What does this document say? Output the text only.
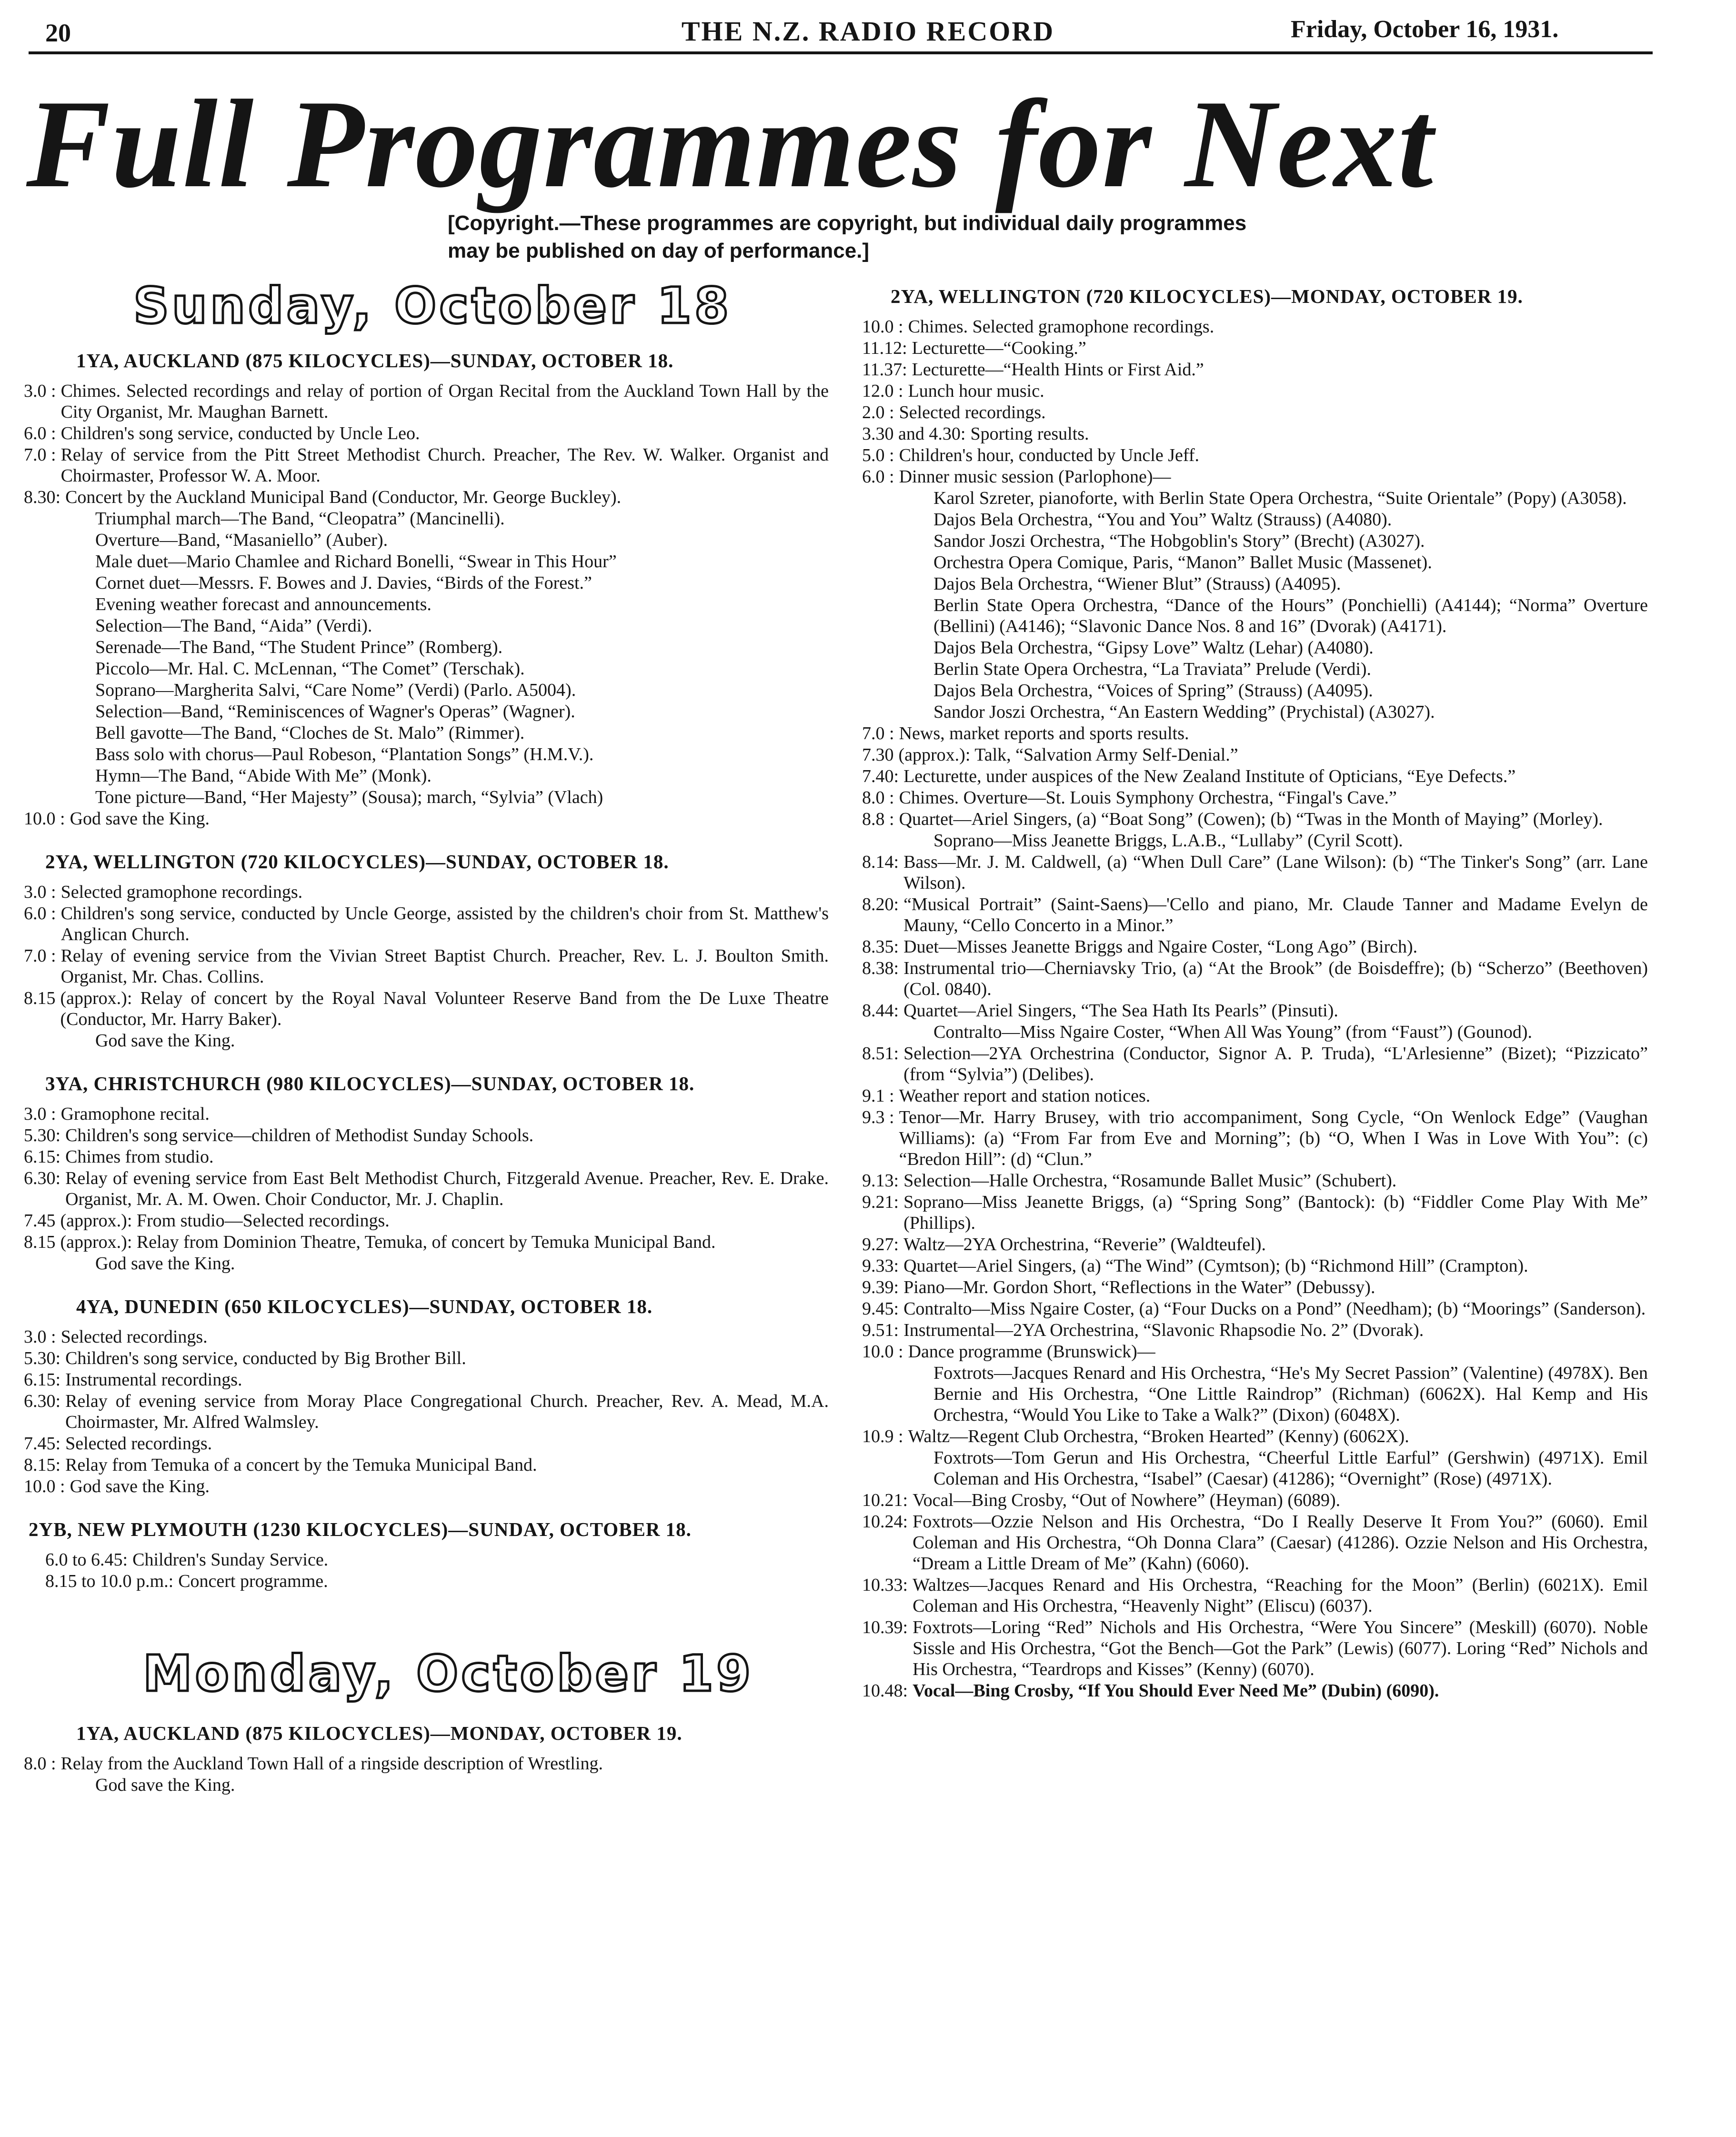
20	THE N.Z. RADIO RECORD	Friday, October 16, 1931.
Full Programmes for Next
[Copyright.—These programmes are copyright, but individual daily programmes may be published on day of performance.]
Sunday, October 18
1YA, AUCKLAND (875 KILOCYCLES)—SUNDAY, OCTOBER 18.
3.0 : Chimes. Selected recordings and relay of portion of Organ Recital from the Auckland Town Hall by the City Organist, Mr. Maughan Barnett.
6.0 : Children's song service, conducted by Uncle Leo.
7.0 : Relay of service from the Pitt Street Methodist Church. Preacher, The Rev. W. Walker. Organist and Choirmaster, Professor W. A. Moor.
8.30: Concert by the Auckland Municipal Band (Conductor, Mr. George Buckley).
Triumphal march—The Band, “Cleopatra” (Mancinelli).
Overture—Band, “Masaniello” (Auber).
Male duet—Mario Chamlee and Richard Bonelli, “Swear in This Hour”
Cornet duet—Messrs. F. Bowes and J. Davies, “Birds of the Forest.”
Evening weather forecast and announcements.
Selection—The Band, “Aida” (Verdi).
Serenade—The Band, “The Student Prince” (Romberg).
Piccolo—Mr. Hal. C. McLennan, “The Comet” (Terschak).
Soprano—Margherita Salvi, “Care Nome” (Verdi) (Parlo. A5004).
Selection—Band, “Reminiscences of Wagner's Operas” (Wagner).
Bell gavotte—The Band, “Cloches de St. Malo” (Rimmer).
Bass solo with chorus—Paul Robeson, “Plantation Songs” (H.M.V.).
Hymn—The Band, “Abide With Me” (Monk).
Tone picture—Band, “Her Majesty” (Sousa); march, “Sylvia” (Vlach)
10.0 : God save the King.
2YA, WELLINGTON (720 KILOCYCLES)—SUNDAY, OCTOBER 18.
3.0 : Selected gramophone recordings.
6.0 : Children's song service, conducted by Uncle George, assisted by the children's choir from St. Matthew's Anglican Church.
7.0 : Relay of evening service from the Vivian Street Baptist Church. Preacher, Rev. L. J. Boulton Smith. Organist, Mr. Chas. Collins.
8.15 (approx.): Relay of concert by the Royal Naval Volunteer Reserve Band from the De Luxe Theatre (Conductor, Mr. Harry Baker).
God save the King.
3YA, CHRISTCHURCH (980 KILOCYCLES)—SUNDAY, OCTOBER 18.
3.0 : Gramophone recital.
5.30: Children's song service—children of Methodist Sunday Schools.
6.15: Chimes from studio.
6.30: Relay of evening service from East Belt Methodist Church, Fitzgerald Avenue. Preacher, Rev. E. Drake. Organist, Mr. A. M. Owen. Choir Conductor, Mr. J. Chaplin.
7.45 (approx.): From studio—Selected recordings.
8.15 (approx.): Relay from Dominion Theatre, Temuka, of concert by Temuka Municipal Band.
God save the King.
4YA, DUNEDIN (650 KILOCYCLES)—SUNDAY, OCTOBER 18.
3.0 : Selected recordings.
5.30: Children's song service, conducted by Big Brother Bill.
6.15: Instrumental recordings.
6.30: Relay of evening service from Moray Place Congregational Church. Preacher, Rev. A. Mead, M.A. Choirmaster, Mr. Alfred Walmsley.
7.45: Selected recordings.
8.15: Relay from Temuka of a concert by the Temuka Municipal Band.
10.0 : God save the King.
2YB, NEW PLYMOUTH (1230 KILOCYCLES)—SUNDAY, OCTOBER 18.
6.0 to 6.45: Children's Sunday Service.
8.15 to 10.0 p.m.: Concert programme.
Monday, October 19
1YA, AUCKLAND (875 KILOCYCLES)—MONDAY, OCTOBER 19.
8.0 : Relay from the Auckland Town Hall of a ringside description of Wrestling.
God save the King.
2YA, WELLINGTON (720 KILOCYCLES)—MONDAY, OCTOBER 19.
10.0 : Chimes. Selected gramophone recordings.
11.12: Lecturette—“Cooking.”
11.37: Lecturette—“Health Hints or First Aid.”
12.0 : Lunch hour music.
2.0 : Selected recordings.
3.30 and 4.30: Sporting results.
5.0 : Children's hour, conducted by Uncle Jeff.
6.0 : Dinner music session (Parlophone)—
Karol Szreter, pianoforte, with Berlin State Opera Orchestra, “Suite Orientale” (Popy) (A3058).
Dajos Bela Orchestra, “You and You” Waltz (Strauss) (A4080).
Sandor Joszi Orchestra, “The Hobgoblin's Story” (Brecht) (A3027).
Orchestra Opera Comique, Paris, “Manon” Ballet Music (Massenet).
Dajos Bela Orchestra, “Wiener Blut” (Strauss) (A4095).
Berlin State Opera Orchestra, “Dance of the Hours” (Ponchielli) (A4144); “Norma” Overture (Bellini) (A4146); “Slavonic Dance Nos. 8 and 16” (Dvorak) (A4171).
Dajos Bela Orchestra, “Gipsy Love” Waltz (Lehar) (A4080).
Berlin State Opera Orchestra, “La Traviata” Prelude (Verdi).
Dajos Bela Orchestra, “Voices of Spring” (Strauss) (A4095).
Sandor Joszi Orchestra, “An Eastern Wedding” (Prychistal) (A3027).
7.0 : News, market reports and sports results.
7.30 (approx.): Talk, “Salvation Army Self-Denial.”
7.40: Lecturette, under auspices of the New Zealand Institute of Opticians, “Eye Defects.”
8.0 : Chimes. Overture—St. Louis Symphony Orchestra, “Fingal's Cave.”
8.8 : Quartet—Ariel Singers, (a) “Boat Song” (Cowen); (b) “Twas in the Month of Maying” (Morley).
Soprano—Miss Jeanette Briggs, L.A.B., “Lullaby” (Cyril Scott).
8.14: Bass—Mr. J. M. Caldwell, (a) “When Dull Care” (Lane Wilson): (b) “The Tinker's Song” (arr. Lane Wilson).
8.20: “Musical Portrait” (Saint-Saens)—'Cello and piano, Mr. Claude Tanner and Madame Evelyn de Mauny, “Cello Concerto in a Minor.”
8.35: Duet—Misses Jeanette Briggs and Ngaire Coster, “Long Ago” (Birch).
8.38: Instrumental trio—Cherniavsky Trio, (a) “At the Brook” (de Boisdeffre); (b) “Scherzo” (Beethoven) (Col. 0840).
8.44: Quartet—Ariel Singers, “The Sea Hath Its Pearls” (Pinsuti).
Contralto—Miss Ngaire Coster, “When All Was Young” (from “Faust”) (Gounod).
8.51: Selection—2YA Orchestrina (Conductor, Signor A. P. Truda), “L'Arlesienne” (Bizet); “Pizzicato” (from “Sylvia”) (Delibes).
9.1 : Weather report and station notices.
9.3 : Tenor—Mr. Harry Brusey, with trio accompaniment, Song Cycle, “On Wenlock Edge” (Vaughan Williams): (a) “From Far from Eve and Morning”; (b) “O, When I Was in Love With You”: (c) “Bredon Hill”: (d) “Clun.”
9.13: Selection—Halle Orchestra, “Rosamunde Ballet Music” (Schubert).
9.21: Soprano—Miss Jeanette Briggs, (a) “Spring Song” (Bantock): (b) “Fiddler Come Play With Me” (Phillips).
9.27: Waltz—2YA Orchestrina, “Reverie” (Waldteufel).
9.33: Quartet—Ariel Singers, (a) “The Wind” (Cymtson); (b) “Richmond Hill” (Crampton).
9.39: Piano—Mr. Gordon Short, “Reflections in the Water” (Debussy).
9.45: Contralto—Miss Ngaire Coster, (a) “Four Ducks on a Pond” (Needham); (b) “Moorings” (Sanderson).
9.51: Instrumental—2YA Orchestrina, “Slavonic Rhapsodie No. 2” (Dvorak).
10.0 : Dance programme (Brunswick)—
Foxtrots—Jacques Renard and His Orchestra, “He's My Secret Passion” (Valentine) (4978X). Ben Bernie and His Orchestra, “One Little Raindrop” (Richman) (6062X). Hal Kemp and His Orchestra, “Would You Like to Take a Walk?” (Dixon) (6048X).
10.9 : Waltz—Regent Club Orchestra, “Broken Hearted” (Kenny) (6062X).
Foxtrots—Tom Gerun and His Orchestra, “Cheerful Little Earful” (Gershwin) (4971X). Emil Coleman and His Orchestra, “Isabel” (Caesar) (41286); “Overnight” (Rose) (4971X).
10.21: Vocal—Bing Crosby, “Out of Nowhere” (Heyman) (6089).
10.24: Foxtrots—Ozzie Nelson and His Orchestra, “Do I Really Deserve It From You?” (6060). Emil Coleman and His Orchestra, “Oh Donna Clara” (Caesar) (41286). Ozzie Nelson and His Orchestra, “Dream a Little Dream of Me” (Kahn) (6060).
10.33: Waltzes—Jacques Renard and His Orchestra, “Reaching for the Moon” (Berlin) (6021X). Emil Coleman and His Orchestra, “Heavenly Night” (Eliscu) (6037).
10.39: Foxtrots—Loring “Red” Nichols and His Orchestra, “Were You Sincere” (Meskill) (6070). Noble Sissle and His Orchestra, “Got the Bench—Got the Park” (Lewis) (6077). Loring “Red” Nichols and His Orchestra, “Teardrops and Kisses” (Kenny) (6070).
10.48: Vocal—Bing Crosby, “If You Should Ever Need Me” (Dubin) (6090).
